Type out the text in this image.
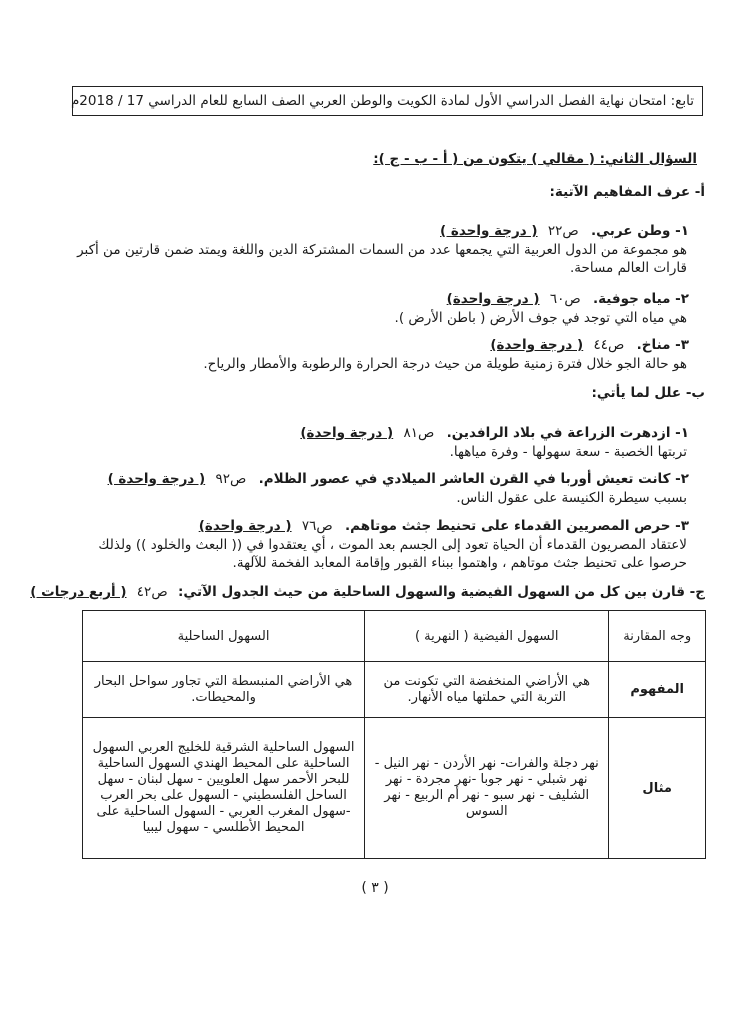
تابع: امتحان نهاية الفصل الدراسي الأول لمادة الكويت والوطن العربي الصف السابع للعام الدراسي 17 / 2018م
السؤال الثاني: ( مقالي ) يتكون من ( أ - ب - ج ):
أ- عرف المفاهيم الآتية:
١- وطن عربي. ص٢٢ ( درجة واحدة )
هو مجموعة من الدول العربية التي يجمعها عدد من السمات المشتركة الدين واللغة ويمتد ضمن قارتين من أكبر
قارات العالم مساحة.
٢- مياه جوفية. ص٦٠ ( درجة واحدة)
هي مياه التي توجد في جوف الأرض ( باطن الأرض ).
٣- مناخ. ص٤٤ ( درجة واحدة)
هو حالة الجو خلال فترة زمنية طويلة من حيث درجة الحرارة والرطوبة والأمطار والرياح.
ب- علل لما يأتي:
١- ازدهرت الزراعة في بلاد الرافدين. ص٨١ ( درجة واحدة)
تربتها الخصبة - سعة سهولها - وفرة مياهها.
٢- كانت تعيش أوربا في القرن العاشر الميلادي في عصور الظلام. ص٩٢ ( درجة واحدة )
بسبب سيطرة الكنيسة على عقول الناس.
٣- حرص المصريين القدماء على تحنيط جثث موتاهم. ص٧٦ ( درجة واحدة)
لاعتقاد المصريون القدماء أن الحياة تعود إلى الجسم بعد الموت ، أي يعتقدوا في (( البعث والخلود )) ولذلك
حرصوا على تحنيط جثث موتاهم ، واهتموا ببناء القبور وإقامة المعابد الفخمة للآلهة.
ج- قارن بين كل من السهول الفيضية والسهول الساحلية من حيث الجدول الآتي: ص٤٢ ( أربع درجات )
وجه المقارنة	السهول الفيضية ( النهرية )	السهول الساحلية
المفهوم	هي الأراضي المنخفضة التي تكونت من التربة التي حملتها مياه الأنهار.	هي الأراضي المنبسطة التي تجاور سواحل البحار والمحيطات.
مثال	نهر دجلة والفرات- نهر الأردن - نهر النيل - نهر شبلي - نهر جوبا -نهر مجردة - نهر الشليف - نهر سبو - نهر أم الربيع - نهر السوس	السهول الساحلية الشرقية للخليج العربي السهول الساحلية على المحيط الهندي السهول الساحلية للبحر الأحمر سهل العلويين - سهل لبنان - سهل الساحل الفلسطيني - السهول على بحر العرب -سهول المغرب العربي - السهول الساحلية على المحيط الأطلسي - سهول ليبيا
( ٣ )
